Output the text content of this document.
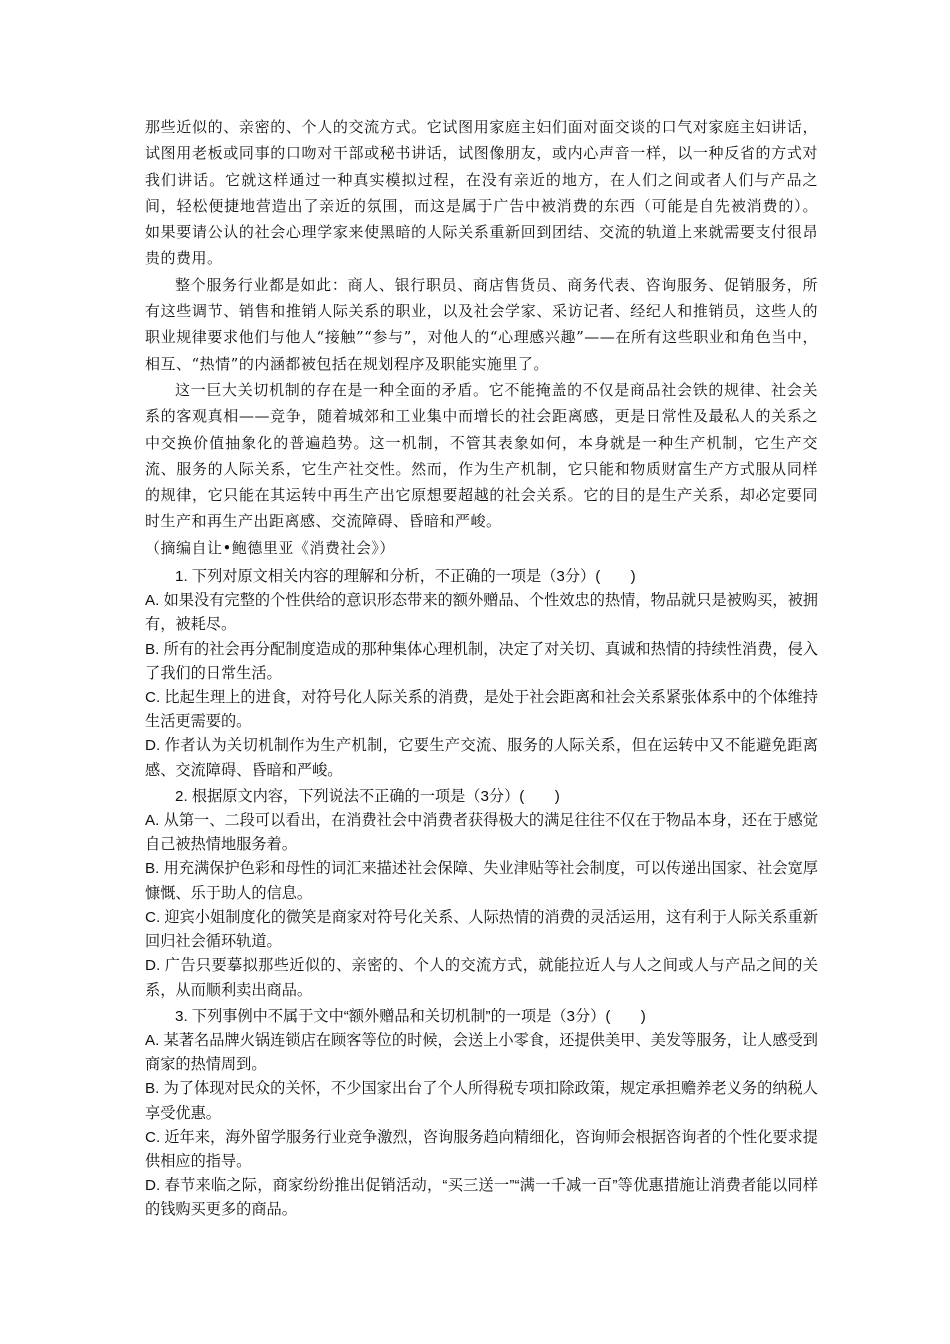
那些近似的、亲密的、个人的交流方式。它试图用家庭主妇们面对面交谈的口气对家庭主妇讲话，试图用老板或同事的口吻对干部或秘书讲话，试图像朋友，或内心声音一样，以一种反省的方式对我们讲话。它就这样通过一种真实模拟过程，在没有亲近的地方，在人们之间或者人们与产品之间，轻松便捷地营造出了亲近的氛围，而这是属于广告中被消费的东西（可能是自先被消费的）。如果要请公认的社会心理学家来使黑暗的人际关系重新回到团结、交流的轨道上来就需要支付很昂贵的费用。

整个服务行业都是如此：商人、银行职员、商店售货员、商务代表、咨询服务、促销服务，所有这些调节、销售和推销人际关系的职业，以及社会学家、采访记者、经纪人和推销员，这些人的职业规律要求他们与他人“接触”“参与”，对他人的“心理感兴趣”——在所有这些职业和角色当中，相互、“热情”的内涵都被包括在规划程序及职能实施里了。

这一巨大关切机制的存在是一种全面的矛盾。它不能掩盖的不仅是商品社会铁的规律、社会关系的客观真相——竞争，随着城郊和工业集中而增长的社会距离感，更是日常性及最私人的关系之中交换价值抽象化的普遍趋势。这一机制，不管其表象如何，本身就是一种生产机制，它生产交流、服务的人际关系，它生产社交性。然而，作为生产机制，它只能和物质财富生产方式服从同样的规律，它只能在其运转中再生产出它原想要超越的社会关系。它的目的是生产关系，却必定要同时生产和再生产出距离感、交流障碍、昏暗和严峻。

（摘编自让•鲍德里亚《消费社会》）

1. 下列对原文相关内容的理解和分析，不正确的一项是（3分）(　　)

A. 如果没有完整的个性供给的意识形态带来的额外赠品、个性效忠的热情，物品就只是被购买，被拥有，被耗尽。

B. 所有的社会再分配制度造成的那种集体心理机制，决定了对关切、真诚和热情的持续性消费，侵入了我们的日常生活。

C. 比起生理上的进食，对符号化人际关系的消费，是处于社会距离和社会关系紧张体系中的个体维持生活更需要的。

D. 作者认为关切机制作为生产机制，它要生产交流、服务的人际关系，但在运转中又不能避免距离感、交流障碍、昏暗和严峻。

2. 根据原文内容，下列说法不正确的一项是（3分）(　　)

A. 从第一、二段可以看出，在消费社会中消费者获得极大的满足往往不仅在于物品本身，还在于感觉自己被热情地服务着。

B. 用充满保护色彩和母性的词汇来描述社会保障、失业津贴等社会制度，可以传递出国家、社会宽厚慷慨、乐于助人的信息。

C. 迎宾小姐制度化的微笑是商家对符号化关系、人际热情的消费的灵活运用，这有利于人际关系重新回归社会循环轨道。

D. 广告只要摹拟那些近似的、亲密的、个人的交流方式，就能拉近人与人之间或人与产品之间的关系，从而顺利卖出商品。

3. 下列事例中不属于文中“额外赠品和关切机制”的一项是（3分）(　　)

A. 某著名品牌火锅连锁店在顾客等位的时候，会送上小零食，还提供美甲、美发等服务，让人感受到商家的热情周到。

B. 为了体现对民众的关怀，不少国家出台了个人所得税专项扣除政策，规定承担赡养老义务的纳税人享受优惠。

C. 近年来，海外留学服务行业竞争激烈，咨询服务趋向精细化，咨询师会根据咨询者的个性化要求提供相应的指导。

D. 春节来临之际，商家纷纷推出促销活动，“买三送一”“满一千减一百”等优惠措施让消费者能以同样的钱购买更多的商品。
